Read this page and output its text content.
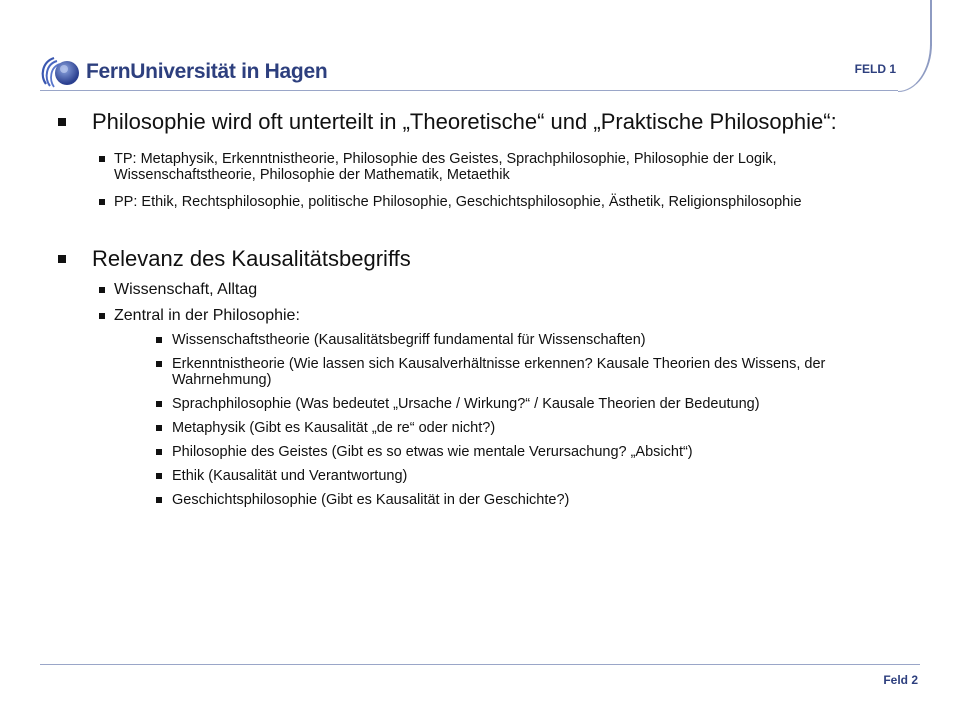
FernUniversität in Hagen	FELD 1
Philosophie wird oft unterteilt in „Theoretische“ und „Praktische Philosophie“:
TP: Metaphysik, Erkenntnistheorie, Philosophie des Geistes, Sprachphilosophie, Philosophie der Logik, Wissenschaftstheorie, Philosophie der Mathematik, Metaethik
PP: Ethik, Rechtsphilosophie, politische Philosophie, Geschichtsphilosophie, Ästhetik, Religionsphilosophie
Relevanz des Kausalitätsbegriffs
Wissenschaft, Alltag
Zentral in der Philosophie:
Wissenschaftstheorie (Kausalitätsbegriff fundamental für Wissenschaften)
Erkenntnistheorie (Wie lassen sich Kausalverhältnisse erkennen? Kausale Theorien des Wissens, der Wahrnehmung)
Sprachphilosophie (Was bedeutet „Ursache / Wirkung?“ / Kausale Theorien der Bedeutung)
Metaphysik (Gibt es Kausalität „de re“ oder nicht?)
Philosophie des Geistes (Gibt es so etwas wie mentale Verursachung? „Absicht“)
Ethik (Kausalität und Verantwortung)
Geschichtsphilosophie (Gibt es Kausalität in der Geschichte?)
Feld 2
